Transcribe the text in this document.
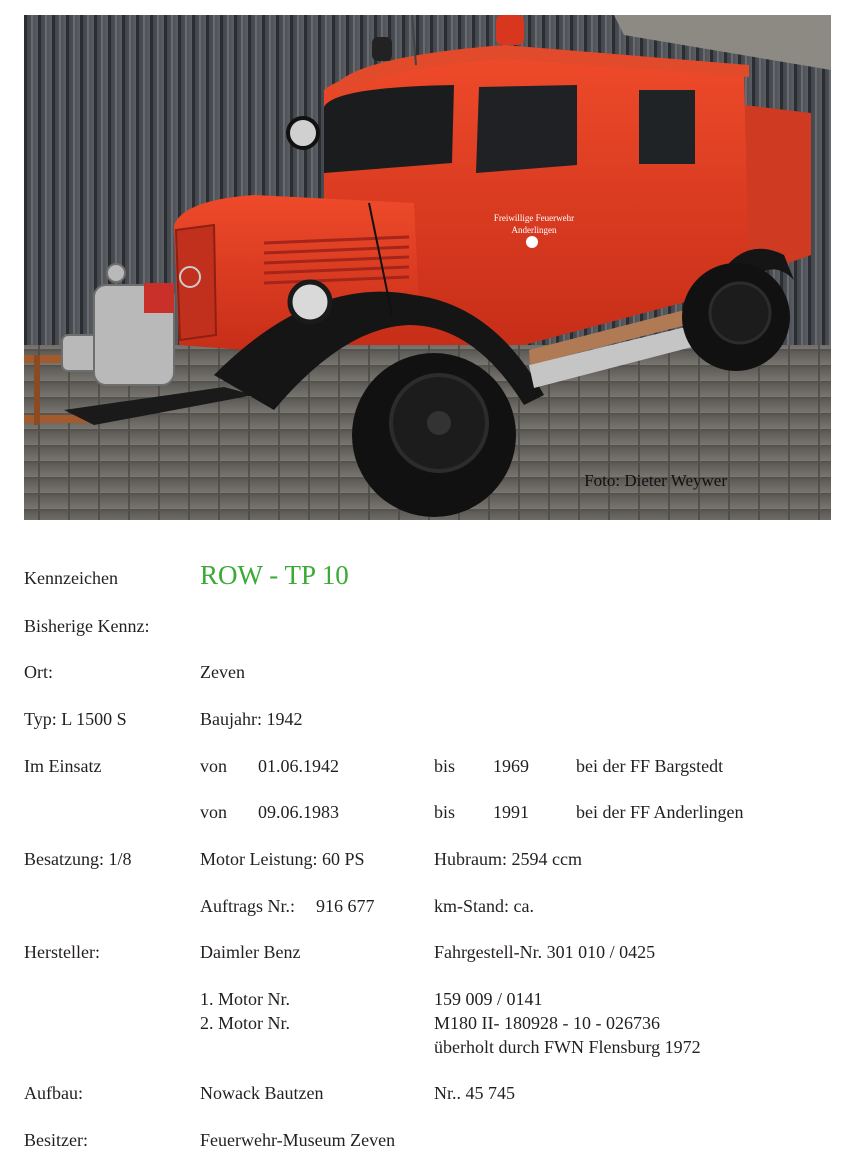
Freiwillige Feuerwehr
Anderlingen
Foto: Dieter Weywer
Kennzeichen	ROW - TP 10
Bisherige Kennz:
Ort:	Zeven
Typ: L 1500 S	Baujahr: 1942
Im Einsatz	von 01.06.1942	bis 1969	bei der FF Bargstedt
von 09.06.1983	bis 1991	bei der FF Anderlingen
Besatzung: 1/8	Motor Leistung: 60 PS	Hubraum: 2594 ccm
Auftrags Nr.: 916 677	km-Stand: ca.
Hersteller:	Daimler Benz	Fahrgestell-Nr. 301 010 / 0425
1. Motor Nr.	159 009 / 0141
2. Motor Nr.	M180 II- 180928 - 10 - 026736
überholt durch FWN Flensburg 1972
Aufbau:	Nowack Bautzen	Nr.. 45 745
Besitzer:	Feuerwehr-Museum Zeven
